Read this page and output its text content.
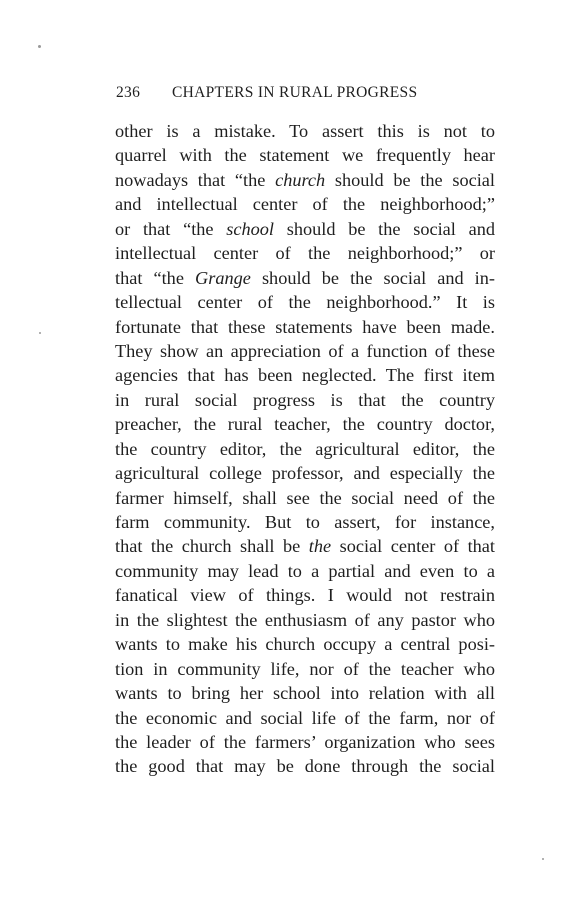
236 CHAPTERS IN RURAL PROGRESS
other is a mistake. To assert this is not to
quarrel with the statement we frequently hear
nowadays that “the church should be the social
and intellectual center of the neighborhood;”
or that “the school should be the social and
intellectual center of the neighborhood;” or
that “the Grange should be the social and in-
tellectual center of the neighborhood.” It is
fortunate that these statements have been made.
They show an appreciation of a function of these
agencies that has been neglected. The first item
in rural social progress is that the country
preacher, the rural teacher, the country doctor,
the country editor, the agricultural editor, the
agricultural college professor, and especially the
farmer himself, shall see the social need of the
farm community. But to assert, for instance,
that the church shall be the social center of that
community may lead to a partial and even to a
fanatical view of things. I would not restrain
in the slightest the enthusiasm of any pastor who
wants to make his church occupy a central posi-
tion in community life, nor of the teacher who
wants to bring her school into relation with all
the economic and social life of the farm, nor of
the leader of the farmers’ organization who sees
the good that may be done through the social
